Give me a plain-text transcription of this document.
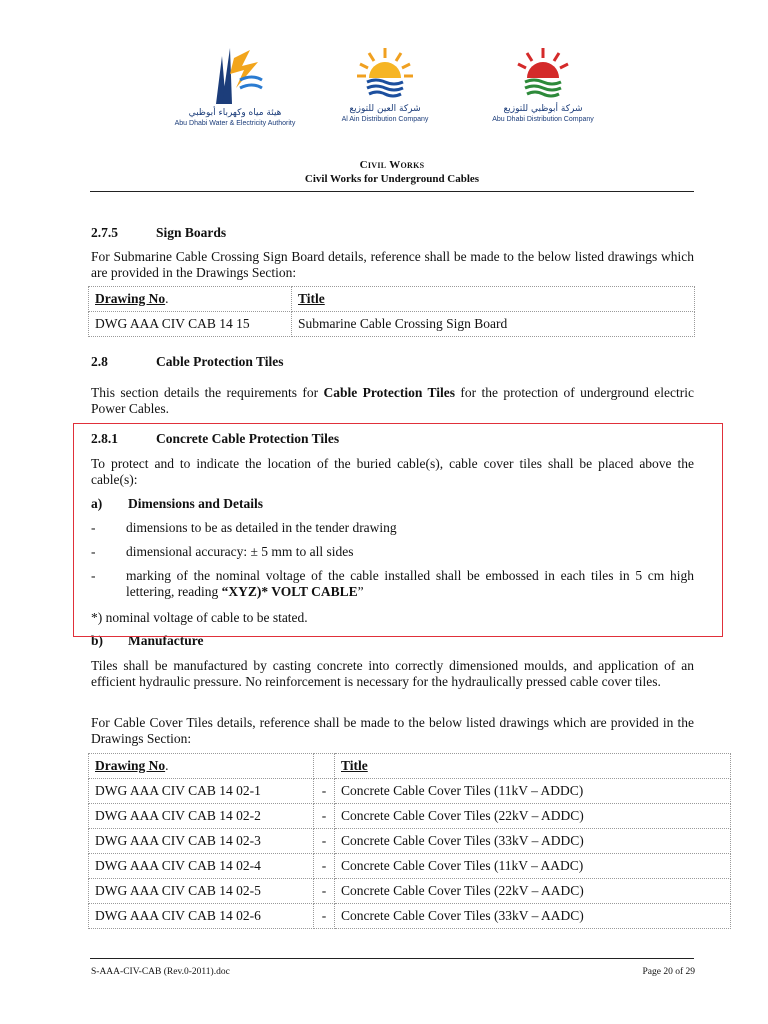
هيئة مياه وكهرباء أبوظبي
Abu Dhabi Water & Electricity Authority
شركة العين للتوزيع
Al Ain Distribution Company
شركة أبوظبي للتوزيع
Abu Dhabi Distribution Company
Civil Works
Civil Works for Underground Cables
2.7.5	Sign Boards
For Submarine Cable Crossing Sign Board details, reference shall be made to the below listed drawings which are provided in the Drawings Section:
Drawing No.	Title
DWG AAA CIV CAB 14 15	Submarine Cable Crossing Sign Board
2.8	Cable Protection Tiles
This section details the requirements for Cable Protection Tiles for the protection of underground electric Power Cables.
2.8.1	Concrete Cable Protection Tiles
To protect and to indicate the location of the buried cable(s), cable cover tiles shall be placed above the cable(s):
a) Dimensions and Details
- dimensions to be as detailed in the tender drawing
- dimensional accuracy: ± 5 mm to all sides
- marking of the nominal voltage of the cable installed shall be embossed in each tiles in 5 cm high lettering, reading “XYZ)* VOLT CABLE”
*) nominal voltage of cable to be stated.
b) Manufacture
Tiles shall be manufactured by casting concrete into correctly dimensioned moulds, and application of an efficient hydraulic pressure. No reinforcement is necessary for the hydraulically pressed cable cover tiles.
For Cable Cover Tiles details, reference shall be made to the below listed drawings which are provided in the Drawings Section:
Drawing No.		Title
DWG AAA CIV CAB 14 02-1	-	Concrete Cable Cover Tiles (11kV – ADDC)
DWG AAA CIV CAB 14 02-2	-	Concrete Cable Cover Tiles (22kV – ADDC)
DWG AAA CIV CAB 14 02-3	-	Concrete Cable Cover Tiles (33kV – ADDC)
DWG AAA CIV CAB 14 02-4	-	Concrete Cable Cover Tiles (11kV – AADC)
DWG AAA CIV CAB 14 02-5	-	Concrete Cable Cover Tiles (22kV – AADC)
DWG AAA CIV CAB 14 02-6	-	Concrete Cable Cover Tiles (33kV – AADC)
S-AAA-CIV-CAB (Rev.0-2011).doc	Page 20 of 29
